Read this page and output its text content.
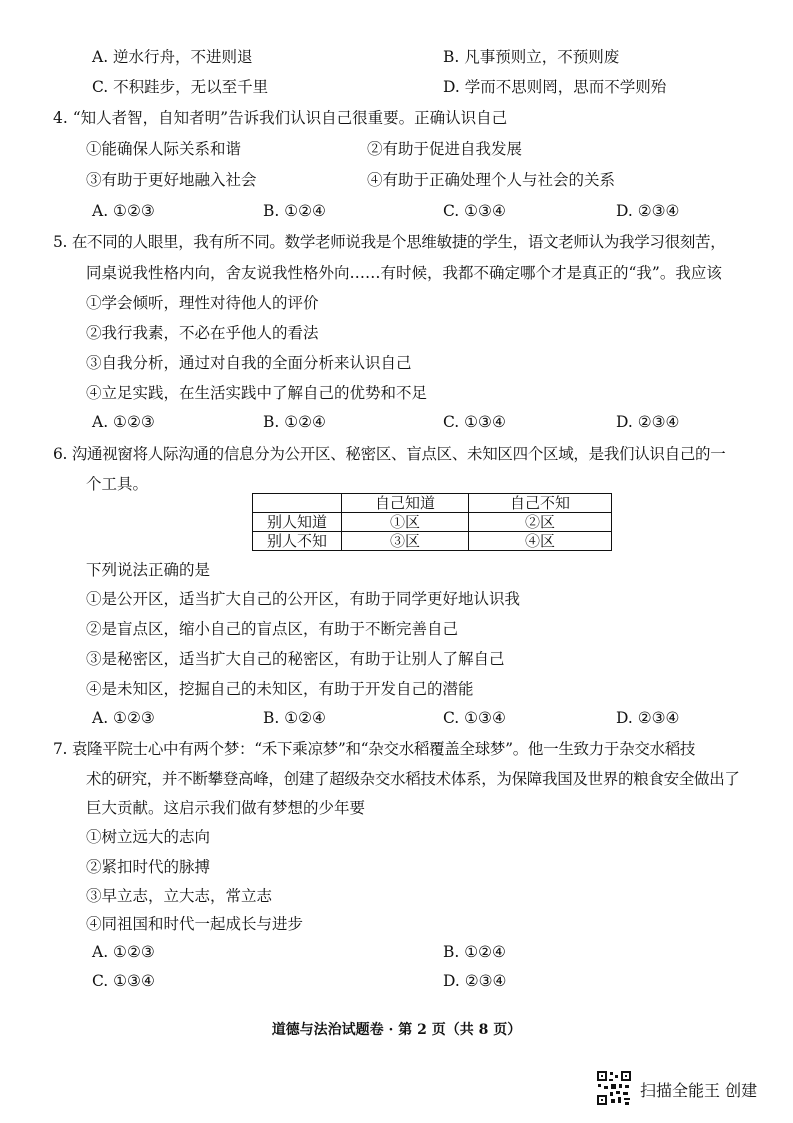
A. 逆水行舟，不进则退	B. 凡事预则立，不预则废
C. 不积跬步，无以至千里	D. 学而不思则罔，思而不学则殆
4. “知人者智，自知者明”告诉我们认识自己很重要。正确认识自己
①能确保人际关系和谐	②有助于促进自我发展
③有助于更好地融入社会	④有助于正确处理个人与社会的关系
A. ①②③	B. ①②④	C. ①③④	D. ②③④
5. 在不同的人眼里，我有所不同。数学老师说我是个思维敏捷的学生，语文老师认为我学习很刻苦，
同桌说我性格内向，舍友说我性格外向……有时候，我都不确定哪个才是真正的“我”。我应该
①学会倾听，理性对待他人的评价
②我行我素，不必在乎他人的看法
③自我分析，通过对自我的全面分析来认识自己
④立足实践，在生活实践中了解自己的优势和不足
A. ①②③	B. ①②④	C. ①③④	D. ②③④
6. 沟通视窗将人际沟通的信息分为公开区、秘密区、盲点区、未知区四个区域，是我们认识自己的一
个工具。
	自己知道	自己不知
别人知道	①区	②区
别人不知	③区	④区
下列说法正确的是
①是公开区，适当扩大自己的公开区，有助于同学更好地认识我
②是盲点区，缩小自己的盲点区，有助于不断完善自己
③是秘密区，适当扩大自己的秘密区，有助于让别人了解自己
④是未知区，挖掘自己的未知区，有助于开发自己的潜能
A. ①②③	B. ①②④	C. ①③④	D. ②③④
7. 袁隆平院士心中有两个梦：“禾下乘凉梦”和“杂交水稻覆盖全球梦”。他一生致力于杂交水稻技
术的研究，并不断攀登高峰，创建了超级杂交水稻技术体系，为保障我国及世界的粮食安全做出了
巨大贡献。这启示我们做有梦想的少年要
①树立远大的志向
②紧扣时代的脉搏
③早立志，立大志，常立志
④同祖国和时代一起成长与进步
A. ①②③	B. ①②④
C. ①③④	D. ②③④
道德与法治试题卷 · 第 2 页（共 8 页）
扫描全能王 创建
